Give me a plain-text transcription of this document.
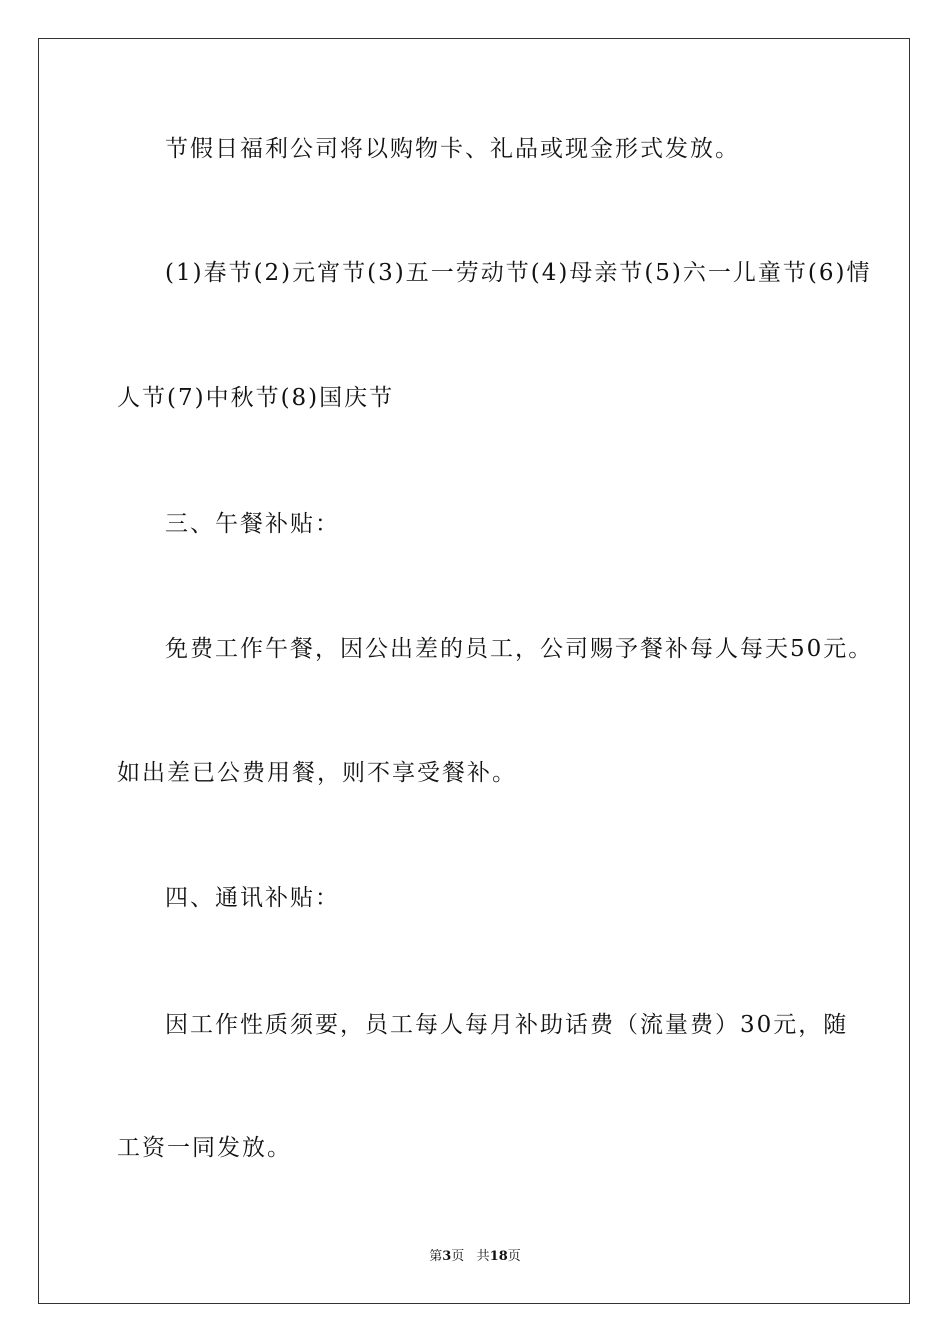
节假日福利公司将以购物卡、礼品或现金形式发放。
(1)春节(2)元宵节(3)五一劳动节(4)母亲节(5)六一儿童节(6)情
人节(7)中秋节(8)国庆节
三、午餐补贴：
免费工作午餐，因公出差的员工，公司赐予餐补每人每天50元。
如出差已公费用餐，则不享受餐补。
四、通讯补贴：
因工作性质须要，员工每人每月补助话费（流量费）30元，随
工资一同发放。
第3页 共18页
